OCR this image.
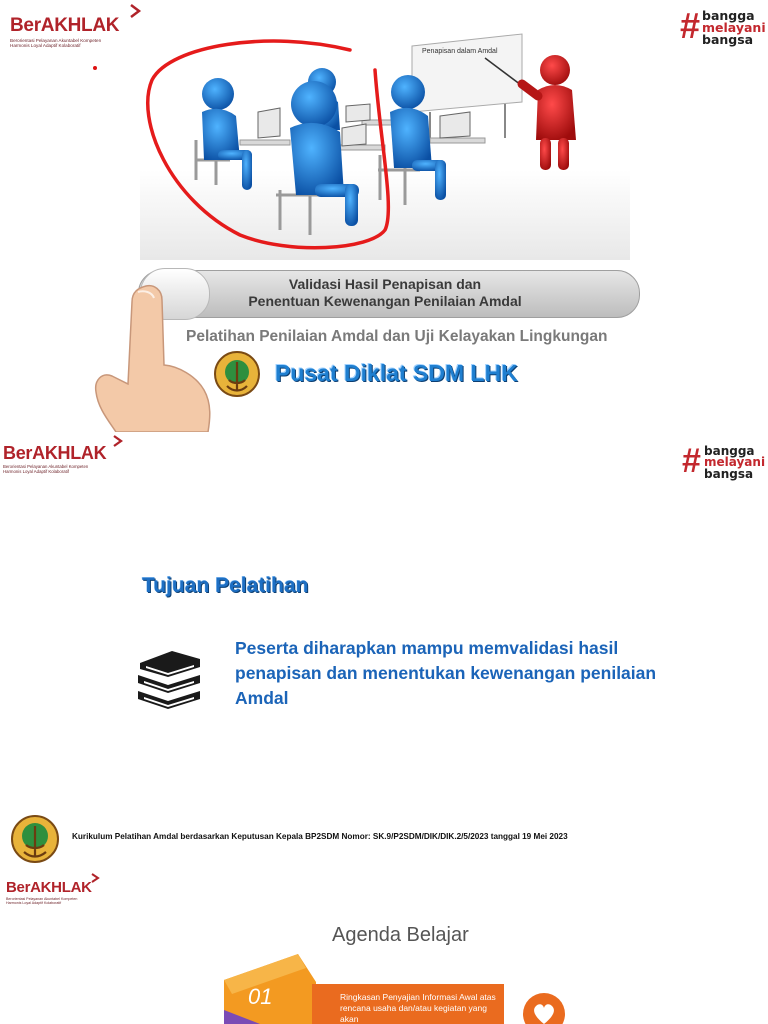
BerAKHLAK
Berorientasi Pelayanan Akuntabel Kompeten
Harmonis Loyal Adaptif Kolaboratif	# bangga
melayani
bangsa
Penapisan dalam Amdal
Validasi Hasil Penapisan dan
Penentuan Kewenangan Penilaian Amdal
Pelatihan Penilaian Amdal dan Uji Kelayakan Lingkungan
Pusat Diklat SDM LHK
BerAKHLAK
Berorientasi Pelayanan Akuntabel Kompeten
Harmonis Loyal Adaptif Kolaboratif	# bangga
melayani
bangsa
Tujuan Pelatihan
Peserta diharapkan mampu memvalidasi hasil penapisan dan menentukan kewenangan penilaian Amdal
Kurikulum Pelatihan Amdal berdasarkan Keputusan Kepala BP2SDM Nomor: SK.9/P2SDM/DIK/DIK.2/5/2023 tanggal 19 Mei 2023
BerAKHLAK
Berorientasi Pelayanan Akuntabel Kompeten
Harmonis Loyal Adaptif Kolaboratif
Agenda Belajar
01	Ringkasan Penyajian Informasi Awal atas rencana usaha dan/atau kegiatan yang akan
